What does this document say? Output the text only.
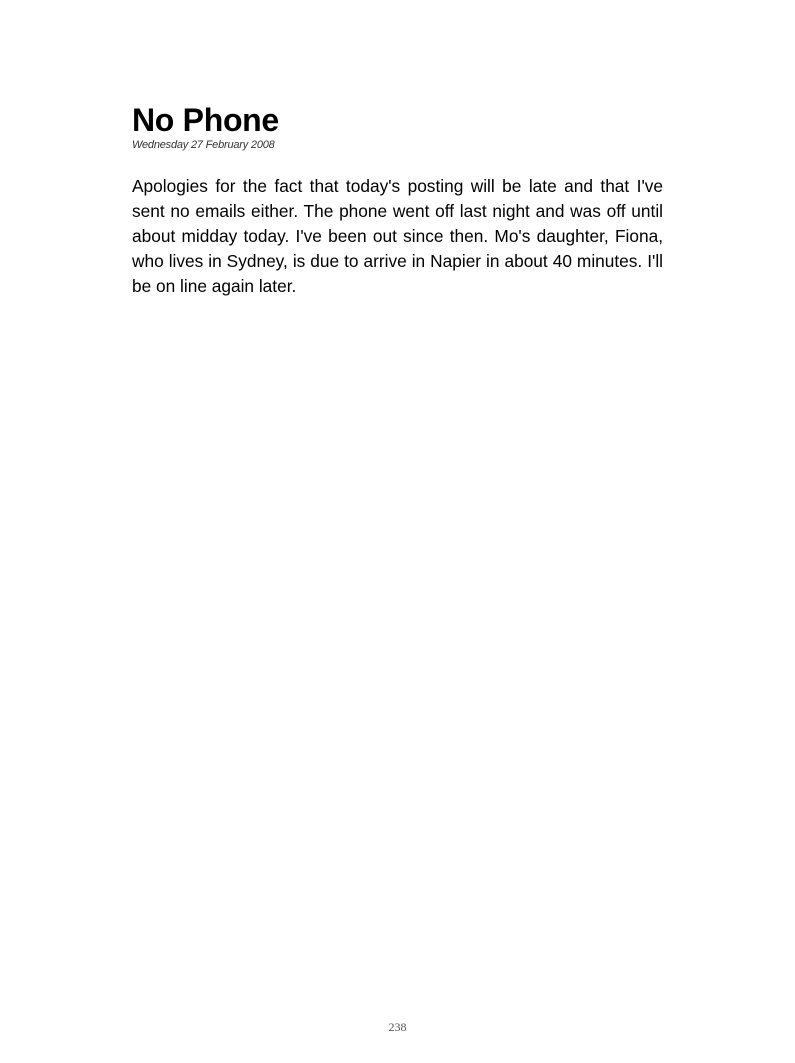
No Phone

Wednesday 27 February 2008

Apologies for the fact that today's posting will be late and that I've sent no emails either. The phone went off last night and was off until about midday today. I've been out since then. Mo's daughter, Fiona, who lives in Sydney, is due to arrive in Napier in about 40 minutes. I'll be on line again later.

238
